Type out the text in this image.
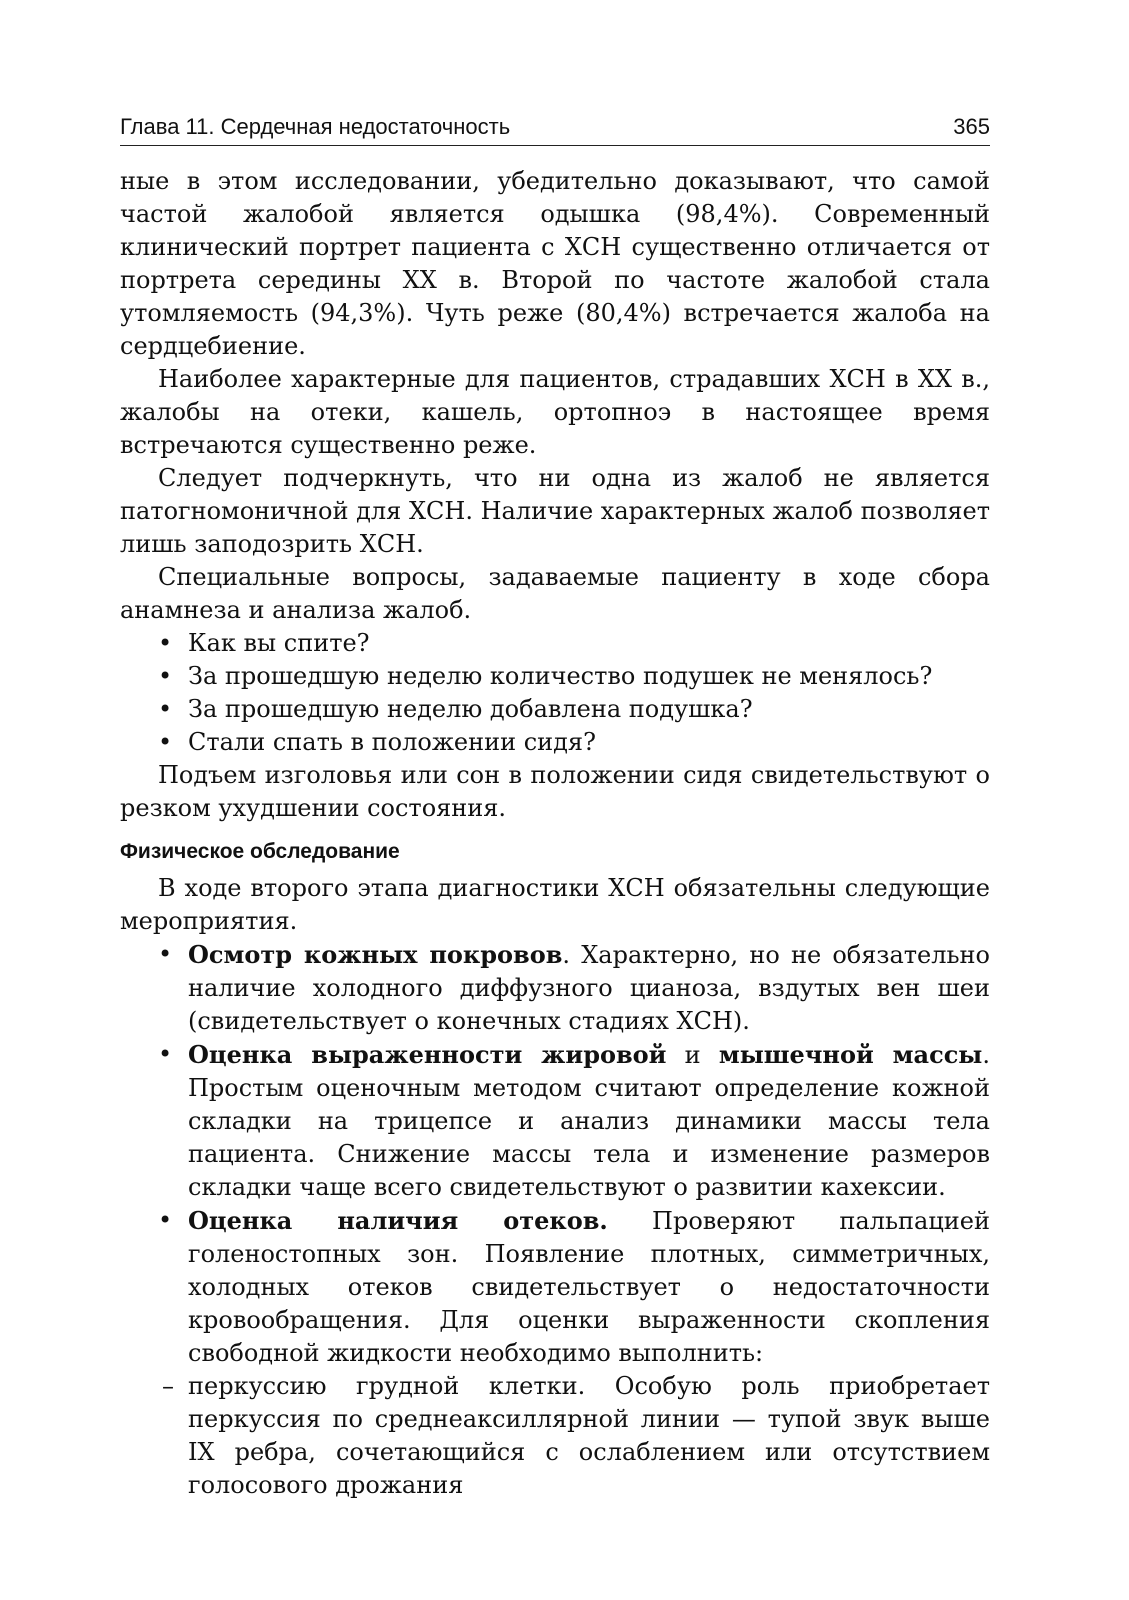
Глава 11. Сердечная недостаточность	365

ные в этом исследовании, убедительно доказывают, что самой частой жалобой является одышка (98,4%). Современный клинический портрет пациента с ХСН существенно отличается от портрета середины XX в. Второй по частоте жалобой стала утомляемость (94,3%). Чуть реже (80,4%) встречается жалоба на сердцебиение.

Наиболее характерные для пациентов, страдавших ХСН в XX в., жалобы на отеки, кашель, ортопноэ в настоящее время встречаются существенно реже.

Следует подчеркнуть, что ни одна из жалоб не является патогномоничной для ХСН. Наличие характерных жалоб позволяет лишь заподозрить ХСН.

Специальные вопросы, задаваемые пациенту в ходе сбора анамнеза и анализа жалоб.

• Как вы спите?
• За прошедшую неделю количество подушек не менялось?
• За прошедшую неделю добавлена подушка?
• Стали спать в положении сидя?

Подъем изголовья или сон в положении сидя свидетельствуют о резком ухудшении состояния.

Физическое обследование

В ходе второго этапа диагностики ХСН обязательны следующие мероприятия.

• Осмотр кожных покровов. Характерно, но не обязательно наличие холодного диффузного цианоза, вздутых вен шеи (свидетельствует о конечных стадиях ХСН).
• Оценка выраженности жировой и мышечной массы. Простым оценочным методом считают определение кожной складки на трицепсе и анализ динамики массы тела пациента. Снижение массы тела и изменение размеров складки чаще всего свидетельствуют о развитии кахексии.
• Оценка наличия отеков. Проверяют пальпацией голеностопных зон. Появление плотных, симметричных, холодных отеков свидетельствует о недостаточности кровообращения. Для оценки выраженности скопления свободной жидкости необходимо выполнить:
– перкуссию грудной клетки. Особую роль приобретает перкуссия по среднеаксиллярной линии — тупой звук выше IX ребра, сочетающийся с ослаблением или отсутствием голосового дрожания
